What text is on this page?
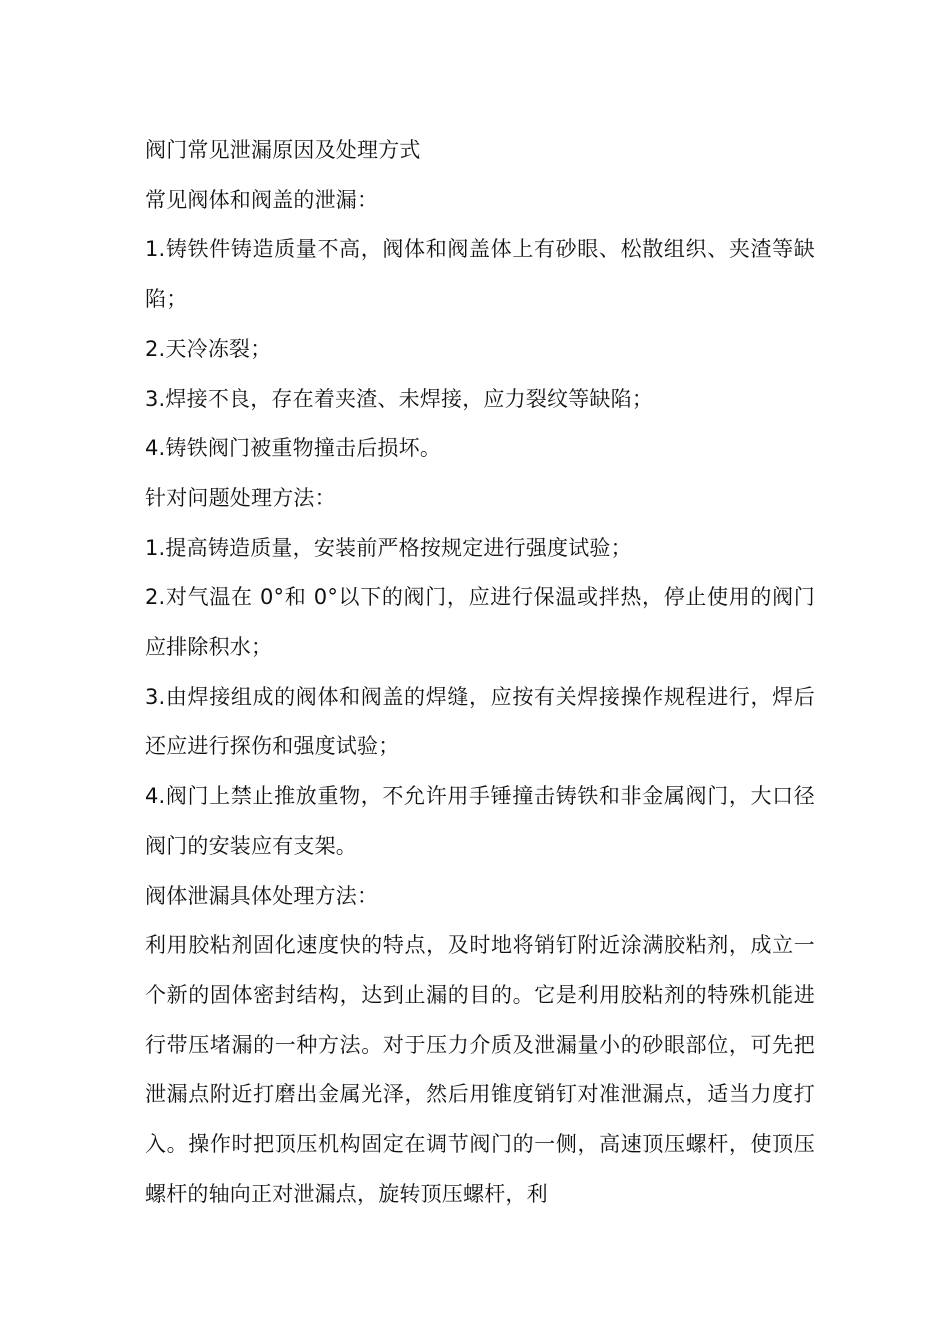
阀门常见泄漏原因及处理方式

常见阀体和阀盖的泄漏：

1.铸铁件铸造质量不高，阀体和阀盖体上有砂眼、松散组织、夹渣等缺陷；

2.天冷冻裂；

3.焊接不良，存在着夹渣、未焊接，应力裂纹等缺陷；

4.铸铁阀门被重物撞击后损坏。

针对问题处理方法：

1.提高铸造质量，安装前严格按规定进行强度试验；

2.对气温在 0°和 0°以下的阀门，应进行保温或拌热，停止使用的阀门应排除积水；

3.由焊接组成的阀体和阀盖的焊缝，应按有关焊接操作规程进行，焊后还应进行探伤和强度试验；

4.阀门上禁止推放重物，不允许用手锤撞击铸铁和非金属阀门，大口径阀门的安装应有支架。

阀体泄漏具体处理方法：

利用胶粘剂固化速度快的特点，及时地将销钉附近涂满胶粘剂，成立一个新的固体密封结构，达到止漏的目的。它是利用胶粘剂的特殊机能进行带压堵漏的一种方法。对于压力介质及泄漏量小的砂眼部位，可先把泄漏点附近打磨出金属光泽，然后用锥度销钉对准泄漏点，适当力度打入。操作时把顶压机构固定在调节阀门的一侧，高速顶压螺杆，使顶压螺杆的轴向正对泄漏点，旋转顶压螺杆，利
